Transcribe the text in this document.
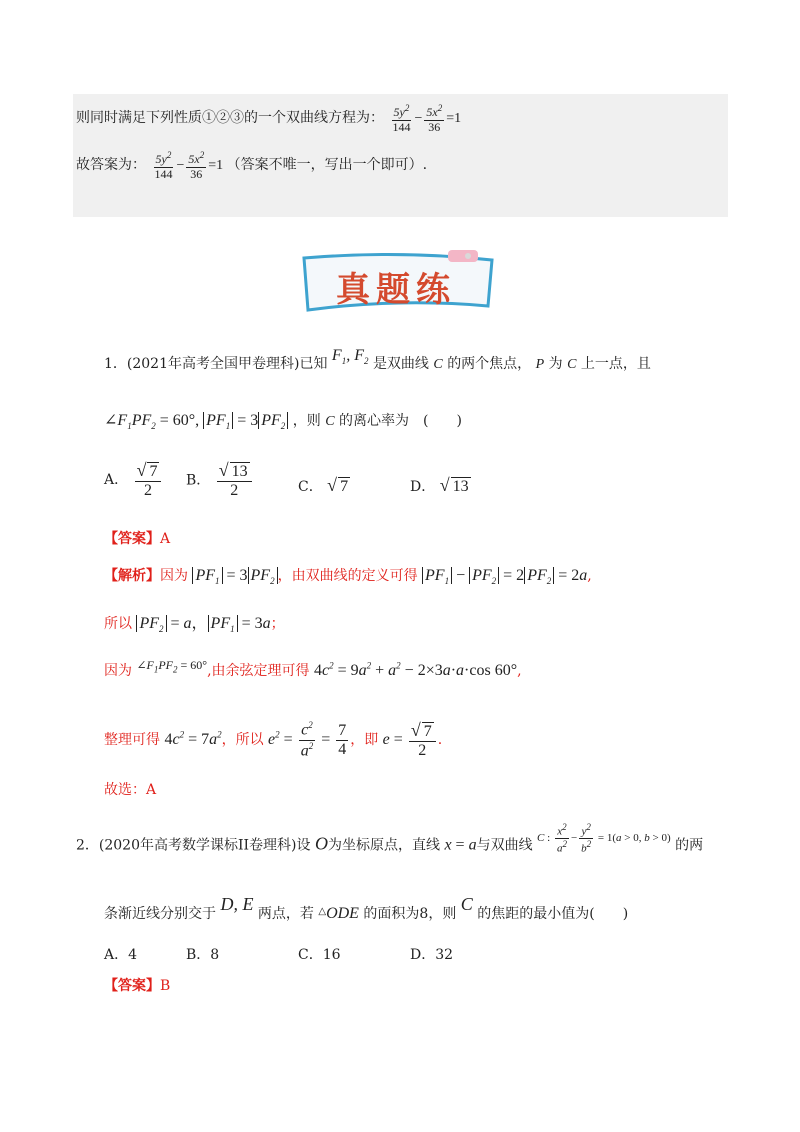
则同时满足下列性质①②③的一个双曲线方程为： $\frac{5y^2}{144} - \frac{5x^2}{36} =1$
故答案为： $\frac{5y^2}{144} - \frac{5x^2}{36} =1$ （答案不唯一，写出一个即可）.
真题练
1．(2021年高考全国甲卷理科)已知 $F_1$, $F_2$ 是双曲线 C 的两个焦点， P 为 C 上一点，且
$\angle F_1PF_2 = 60^\circ$, $PF_1 = 3$ $PF_2$ ，则 C 的离心率为　(　　)
A． $\frac{√ 7}{2}$ B． $\frac{√ 13}{2}$	C． √ 7	D． √ 13
【答案】A
【解析】因为 $PF_1 = 3$ $PF_2$ ，由双曲线的定义可得 $PF_1 - PF_2 = 2$ $PF_2 = 2a$,
所以 $PF_2 = a$， $PF_1 = 3a$；
因为 $\angle F_1PF_2 = 60^\circ$,由余弦定理可得 $4c^2 = 9a^2 + a^2 - 2\times 3a\cdot a\cdot\cos$ 60°,
整理可得 $4c^2 = 7a^2$，所以 $e^2 = \frac{c^2}{a^2} = \frac{7}{4}$ ，即 $e = \frac{√ 7}{2}$ .
故选：A
2．(2020年高考数学课标II卷理科)设 O为坐标原点，直线 x = a与双曲线 $^{C : \frac{x^2}{a^2} - \frac{y^2}{b^2} = 1(a > 0, b > 0)}$ 的两
条渐近线分别交于 D, E 两点，若 △ODE 的面积为8，则 C 的焦距的最小值为(　　)
A．4	B．8	C．16	D．32
【答案】B
